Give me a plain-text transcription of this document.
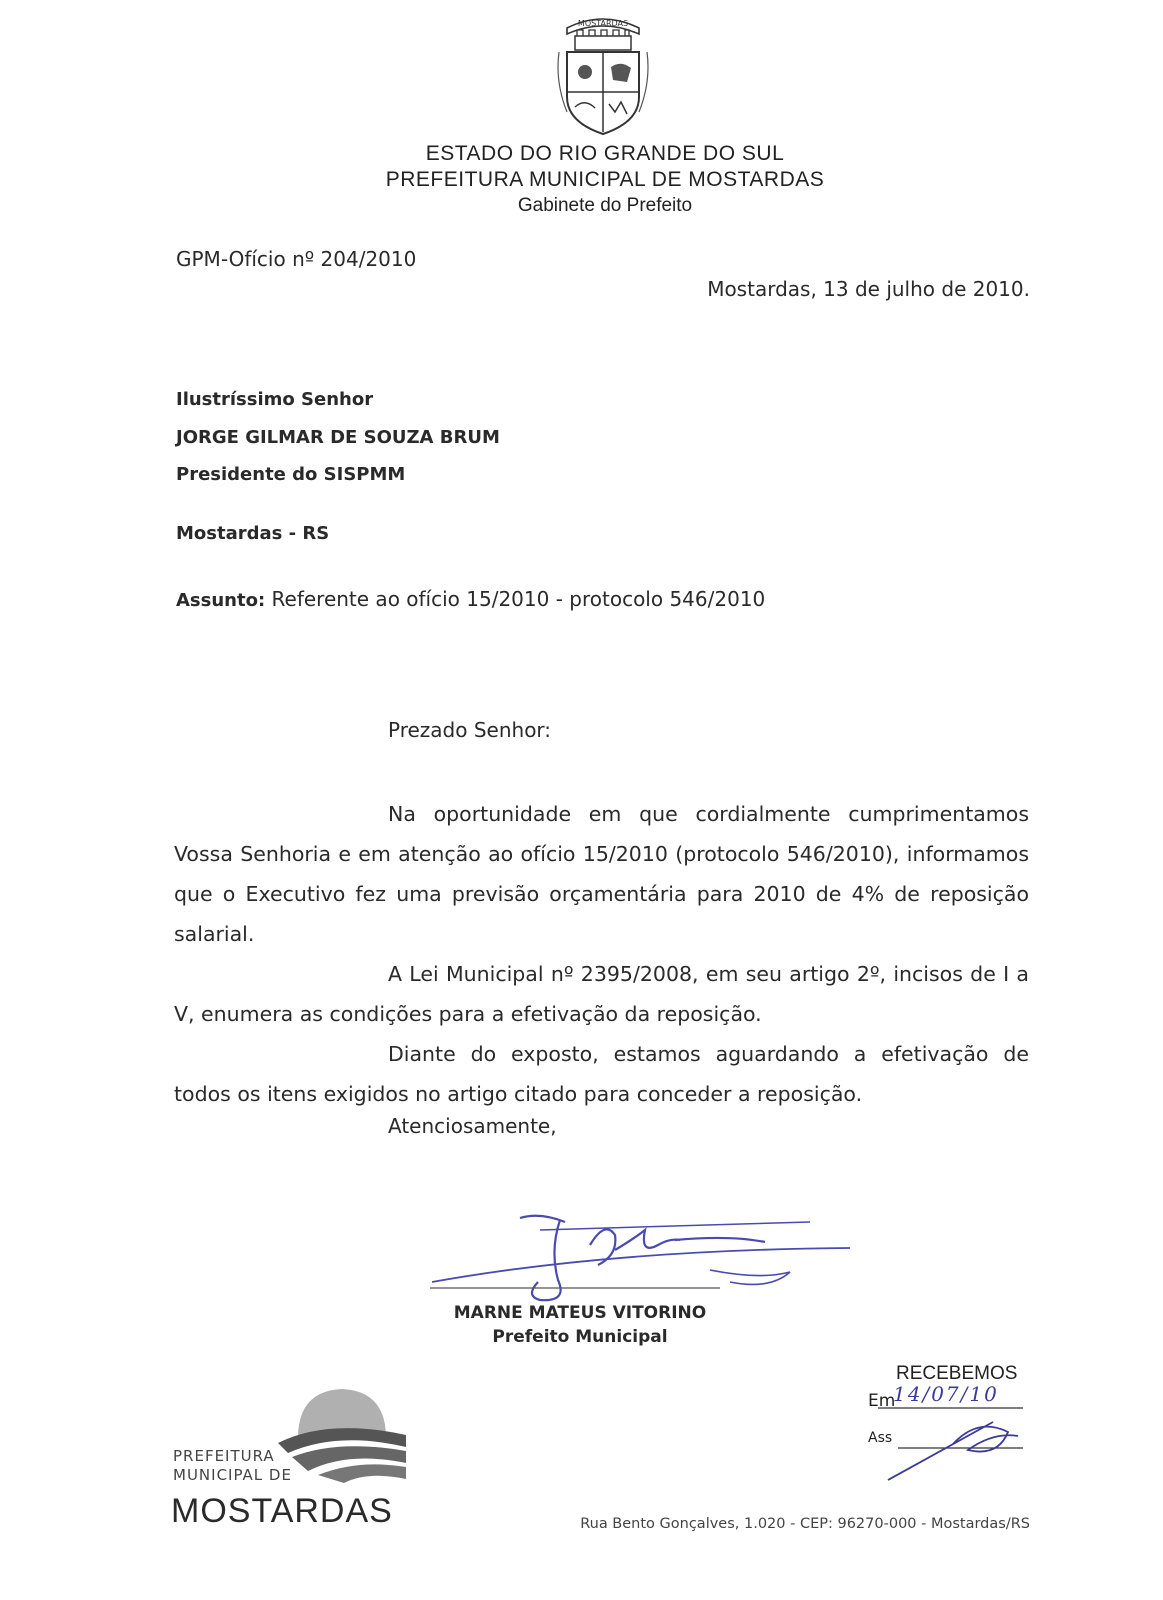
MOSTARDAS
ESTADO DO RIO GRANDE DO SUL
PREFEITURA MUNICIPAL DE MOSTARDAS
Gabinete do Prefeito
GPM-Ofício nº 204/2010
Mostardas, 13 de julho de 2010.
Ilustríssimo Senhor
JORGE GILMAR DE SOUZA BRUM
Presidente do SISPMM
Mostardas - RS
Assunto: Referente ao ofício 15/2010 - protocolo 546/2010
Prezado Senhor:

Na oportunidade em que cordialmente cumprimentamos Vossa Senhoria e em atenção ao ofício 15/2010 (protocolo 546/2010), informamos que o Executivo fez uma previsão orçamentária para 2010 de 4% de reposição salarial.

A Lei Municipal nº 2395/2008, em seu artigo 2º, incisos de I a V, enumera as condições para a efetivação da reposição.

Diante do exposto, estamos aguardando a efetivação de todos os itens exigidos no artigo citado para conceder a reposição.

Atenciosamente,
MARNE MATEUS VITORINO
Prefeito Municipal
RECEBEMOS
Em
14/07/10
Ass
PREFEITURA
MUNICIPAL DE
MOSTARDAS	Rua Bento Gonçalves, 1.020 - CEP: 96270-000 - Mostardas/RS
